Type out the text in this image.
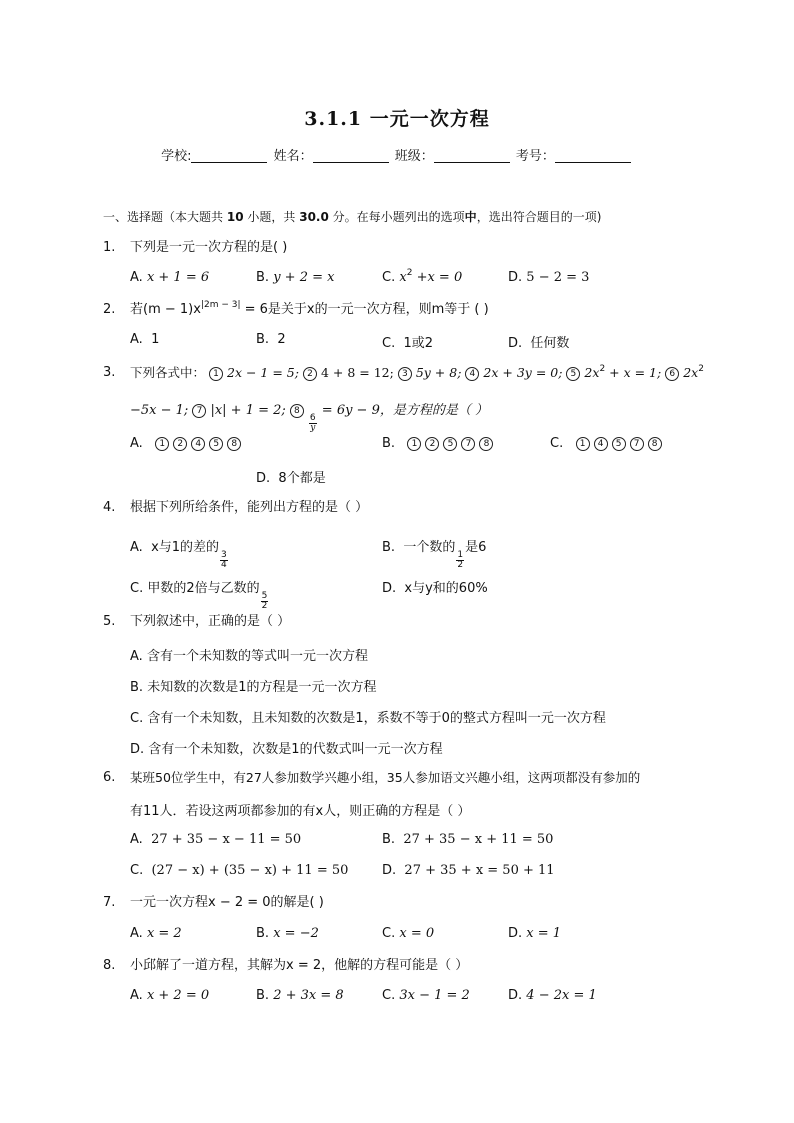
3.1.1 一元一次方程
学校:	姓名：	班级：	考号：
一、选择题（本大题共 10 小题，共 30.0 分。在每小题列出的选项中，选出符合题目的一项)
1. 下列是一元一次方程的是( )
A. x + 1 = 6	B. y + 2 = x	C. $x^2 +x = 0$	D. 5 − 2 = 3
2. 若$(m - 1)x^{|2m - 3|} = 6$是关于x的一元一次方程，则m等于 ( )
A. 1	B. 2	C. 1或2	D. 任何数
3. 下列各式中： 1 2x − 1 = 5; 2 4 + 8 = 12; 3 5y + 8; 4 2x + 3y = 0; 5 $2x^2 + x = 1$; 6 $2x^2$
−5x − 1; 7 |x| + 1 = 2; 8
$\frac{6}{y}$
= 6y − 9，是方程的是（ ）
A. 1 2 4 5 8	B. 1 2 5 7 8	C. 1 4 5 7 8
D. 8个都是
4. 根据下列所给条件，能列出方程的是（ ）
A. x与1的差的
$\frac{3}{4}$
B. 一个数的
$\frac{1}{2}$
是6
C. 甲数的2倍与乙数的
$\frac{5}{2}$
D. x与y和的60%
5. 下列叙述中，正确的是（ ）
A. 含有一个未知数的等式叫一元一次方程
B. 未知数的次数是1的方程是一元一次方程
C. 含有一个未知数，且未知数的次数是1，系数不等于0的整式方程叫一元一次方程
D. 含有一个未知数，次数是1的代数式叫一元一次方程
6. 某班50位学生中，有27人参加数学兴趣小组，35人参加语文兴趣小组，这两项都没有参加的
有11人．若设这两项都参加的有x人，则正确的方程是（ ）
A. 27 + 35 − x − 11 = 50	B. 27 + 35 − x + 11 = 50
C. (27 − x) + (35 − x) + 11 = 50	D. 27 + 35 + x = 50 + 11
7. 一元一次方程x − 2 = 0的解是( )
A. x = 2	B. x = −2	C. x = 0	D. x = 1
8. 小邱解了一道方程，其解为x = 2，他解的方程可能是（ ）
A. x + 2 = 0	B. 2 + 3x = 8	C. 3x − 1 = 2	D. 4 − 2x = 1
